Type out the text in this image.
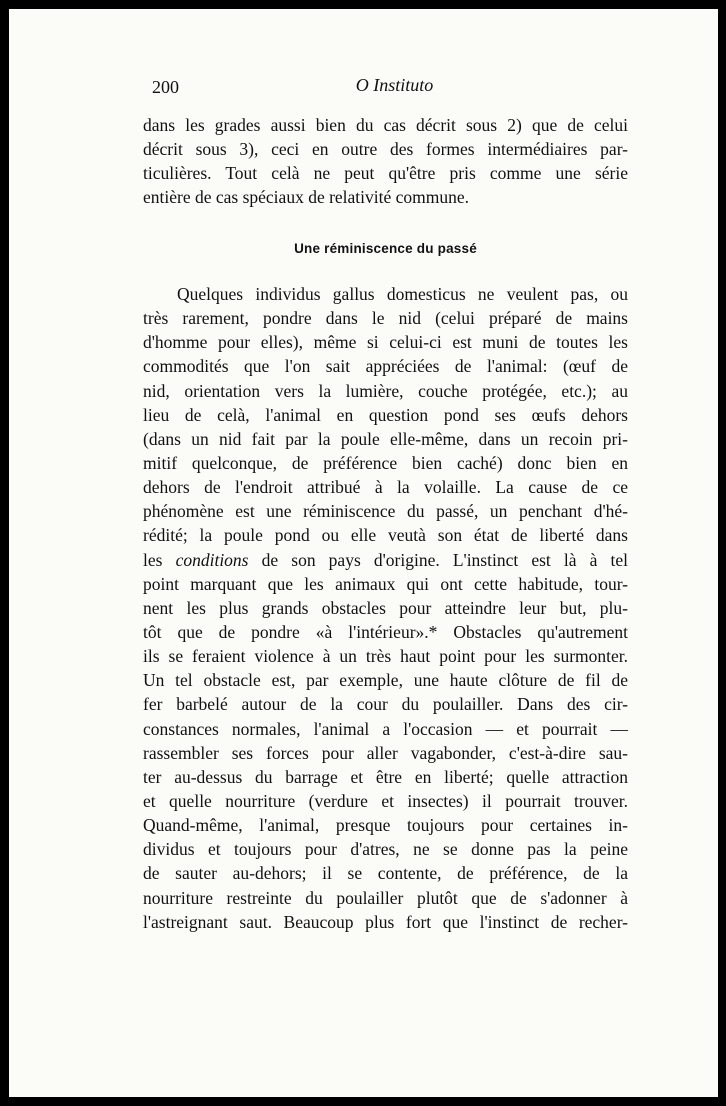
200	O Instituto
dans les grades aussi bien du cas décrit sous 2) que de celui
décrit sous 3), ceci en outre des formes intermédiaires par-
ticulières. Tout celà ne peut qu'être pris comme une série
entière de cas spéciaux de relativité commune.
Une réminiscence du passé
Quelques individus gallus domesticus ne veulent pas, ou
très rarement, pondre dans le nid (celui préparé de mains
d'homme pour elles), même si celui-ci est muni de toutes les
commodités que l'on sait appréciées de l'animal: (œuf de
nid, orientation vers la lumière, couche protégée, etc.); au
lieu de celà, l'animal en question pond ses œufs dehors
(dans un nid fait par la poule elle-même, dans un recoin pri-
mitif quelconque, de préférence bien caché) donc bien en
dehors de l'endroit attribué à la volaille. La cause de ce
phénomène est une réminiscence du passé, un penchant d'hé-
rédité; la poule pond ou elle veutà son état de liberté dans
les conditions de son pays d'origine. L'instinct est là à tel
point marquant que les animaux qui ont cette habitude, tour-
nent les plus grands obstacles pour atteindre leur but, plu-
tôt que de pondre «à l'intérieur».* Obstacles qu'autrement
ils se feraient violence à un très haut point pour les surmonter.
Un tel obstacle est, par exemple, une haute clôture de fil de
fer barbelé autour de la cour du poulailler. Dans des cir-
constances normales, l'animal a l'occasion — et pourrait —
rassembler ses forces pour aller vagabonder, c'est-à-dire sau-
ter au-dessus du barrage et être en liberté; quelle attraction
et quelle nourriture (verdure et insectes) il pourrait trouver.
Quand-même, l'animal, presque toujours pour certaines in-
dividus et toujours pour d'atres, ne se donne pas la peine
de sauter au-dehors; il se contente, de préférence, de la
nourriture restreinte du poulailler plutôt que de s'adonner à
l'astreignant saut. Beaucoup plus fort que l'instinct de recher-
